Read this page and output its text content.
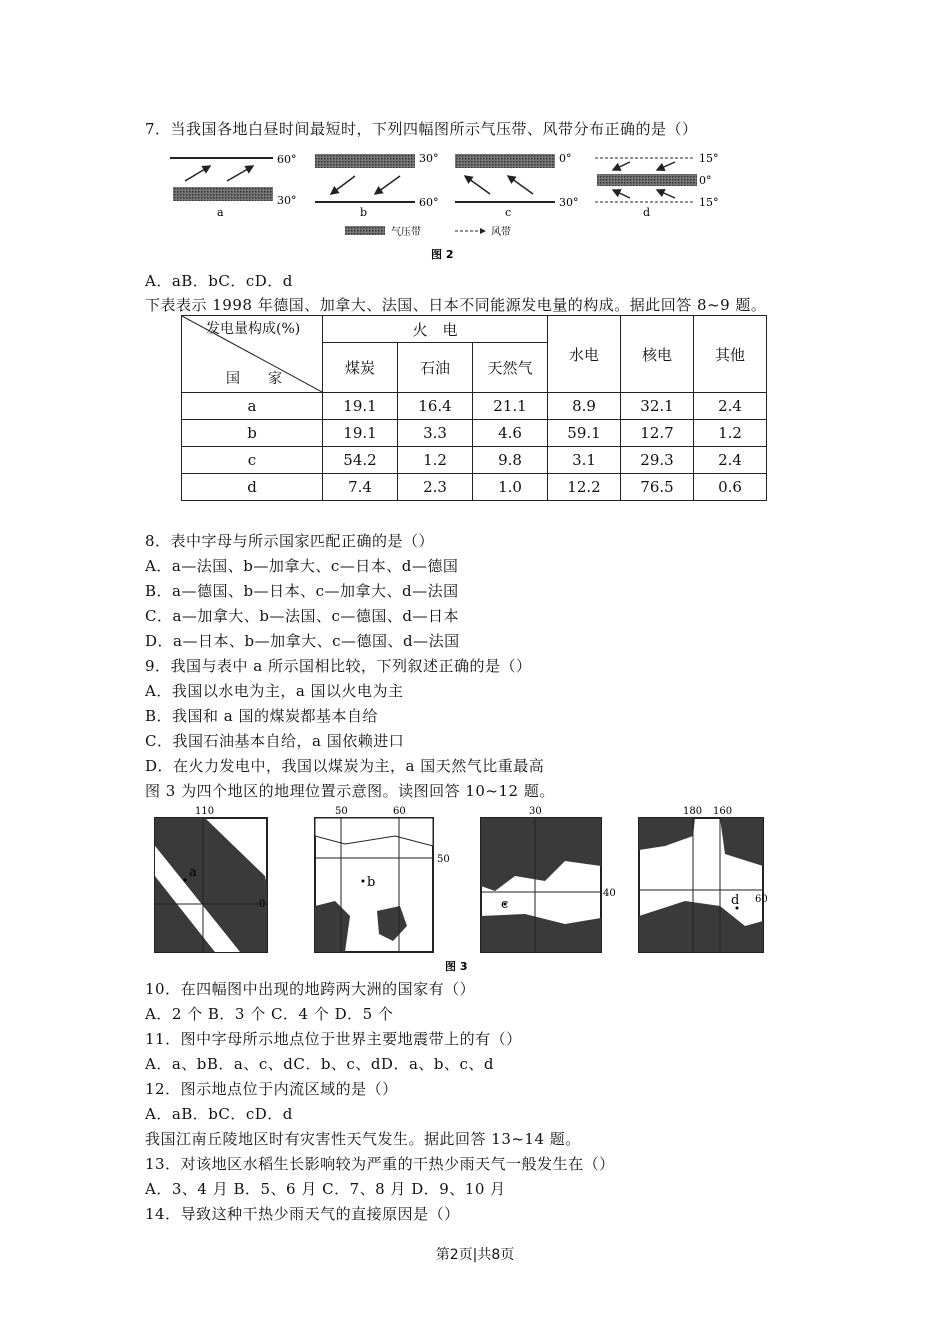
7．当我国各地白昼时间最短时，下列四幅图所示气压带、风带分布正确的是（）
60°
30°
a
30°
60°
b
0°
30°
c
15°
0°
15°
d
气压带	风带
图 2
A．aB．bC．cD．d
下表表示 1998 年德国、加拿大、法国、日本不同能源发电量的构成。据此回答 8~9 题。
发电量构成(%)
国　　家	火　电			水电	核电	其他
	煤炭	石油	天然气			
a	19.1	16.4	21.1	8.9	32.1	2.4
b	19.1	3.3	4.6	59.1	12.7	1.2
c	54.2	1.2	9.8	3.1	29.3	2.4
d	7.4	2.3	1.0	12.2	76.5	0.6
8．表中字母与所示国家匹配正确的是（）
A．a—法国、b—加拿大、c—日本、d—德国
B．a—德国、b—日本、c—加拿大、d—法国
C．a—加拿大、b—法国、c—德国、d—日本
D．a—日本、b—加拿大、c—德国、d—法国
9．我国与表中 a 所示国相比较，下列叙述正确的是（）
A．我国以水电为主，a 国以火电为主
B．我国和 a 国的煤炭都基本自给
C．我国石油基本自给，a 国依赖进口
D．在火力发电中，我国以煤炭为主，a 国天然气比重最高
图 3 为四个地区的地理位置示意图。读图回答 10~12 题。
110
0
a
50	60
50
b
30
40
c
180 160
60
d
图 3
10．在四幅图中出现的地跨两大洲的国家有（）
A．2 个 B．3 个 C．4 个 D．5 个
11．图中字母所示地点位于世界主要地震带上的有（）
A．a、bB．a、c、dC．b、c、dD．a、b、c、d
12．图示地点位于内流区域的是（）
A．aB．bC．cD．d
我国江南丘陵地区时有灾害性天气发生。据此回答 13~14 题。
13．对该地区水稻生长影响较为严重的干热少雨天气一般发生在（）
A．3、4 月 B．5、6 月 C．7、8 月 D．9、10 月
14．导致这种干热少雨天气的直接原因是（）
第2页|共8页
